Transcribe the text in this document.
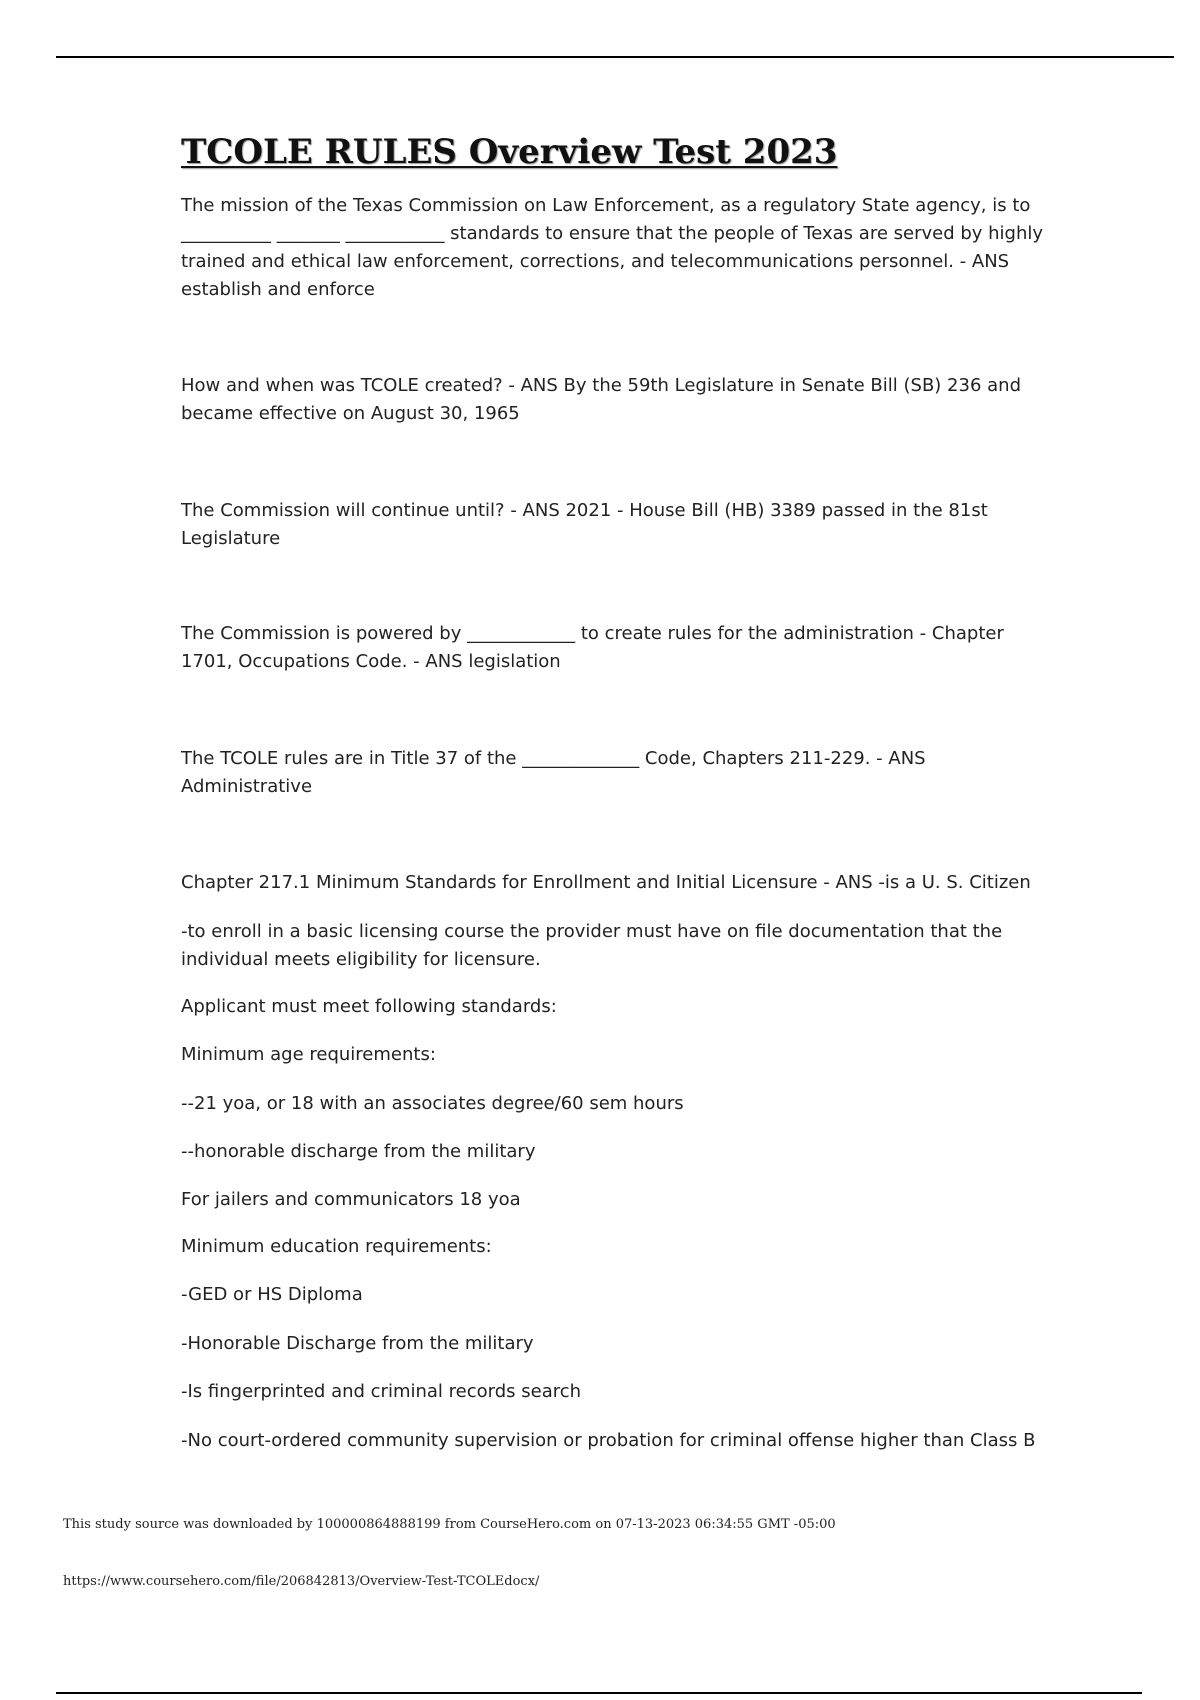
TCOLE RULES Overview Test 2023

The mission of the Texas Commission on Law Enforcement, as a regulatory State agency, is to __________ _______ ___________ standards to ensure that the people of Texas are served by highly trained and ethical law enforcement, corrections, and telecommunications personnel. - ANS establish and enforce

How and when was TCOLE created? - ANS By the 59th Legislature in Senate Bill (SB) 236 and became effective on August 30, 1965

The Commission will continue until? - ANS 2021 - House Bill (HB) 3389 passed in the 81st Legislature

The Commission is powered by ____________ to create rules for the administration - Chapter 1701, Occupations Code. - ANS legislation

The TCOLE rules are in Title 37 of the _____________ Code, Chapters 211-229. - ANS Administrative

Chapter 217.1 Minimum Standards for Enrollment and Initial Licensure - ANS -is a U. S. Citizen

-to enroll in a basic licensing course the provider must have on file documentation that the individual meets eligibility for licensure.

Applicant must meet following standards:

Minimum age requirements:

--21 yoa, or 18 with an associates degree/60 sem hours

--honorable discharge from the military

For jailers and communicators 18 yoa

Minimum education requirements:

-GED or HS Diploma

-Honorable Discharge from the military

-Is fingerprinted and criminal records search

-No court-ordered community supervision or probation for criminal offense higher than Class B

This study source was downloaded by 100000864888199 from CourseHero.com on 07-13-2023 06:34:55 GMT -05:00

https://www.coursehero.com/file/206842813/Overview-Test-TCOLEdocx/
